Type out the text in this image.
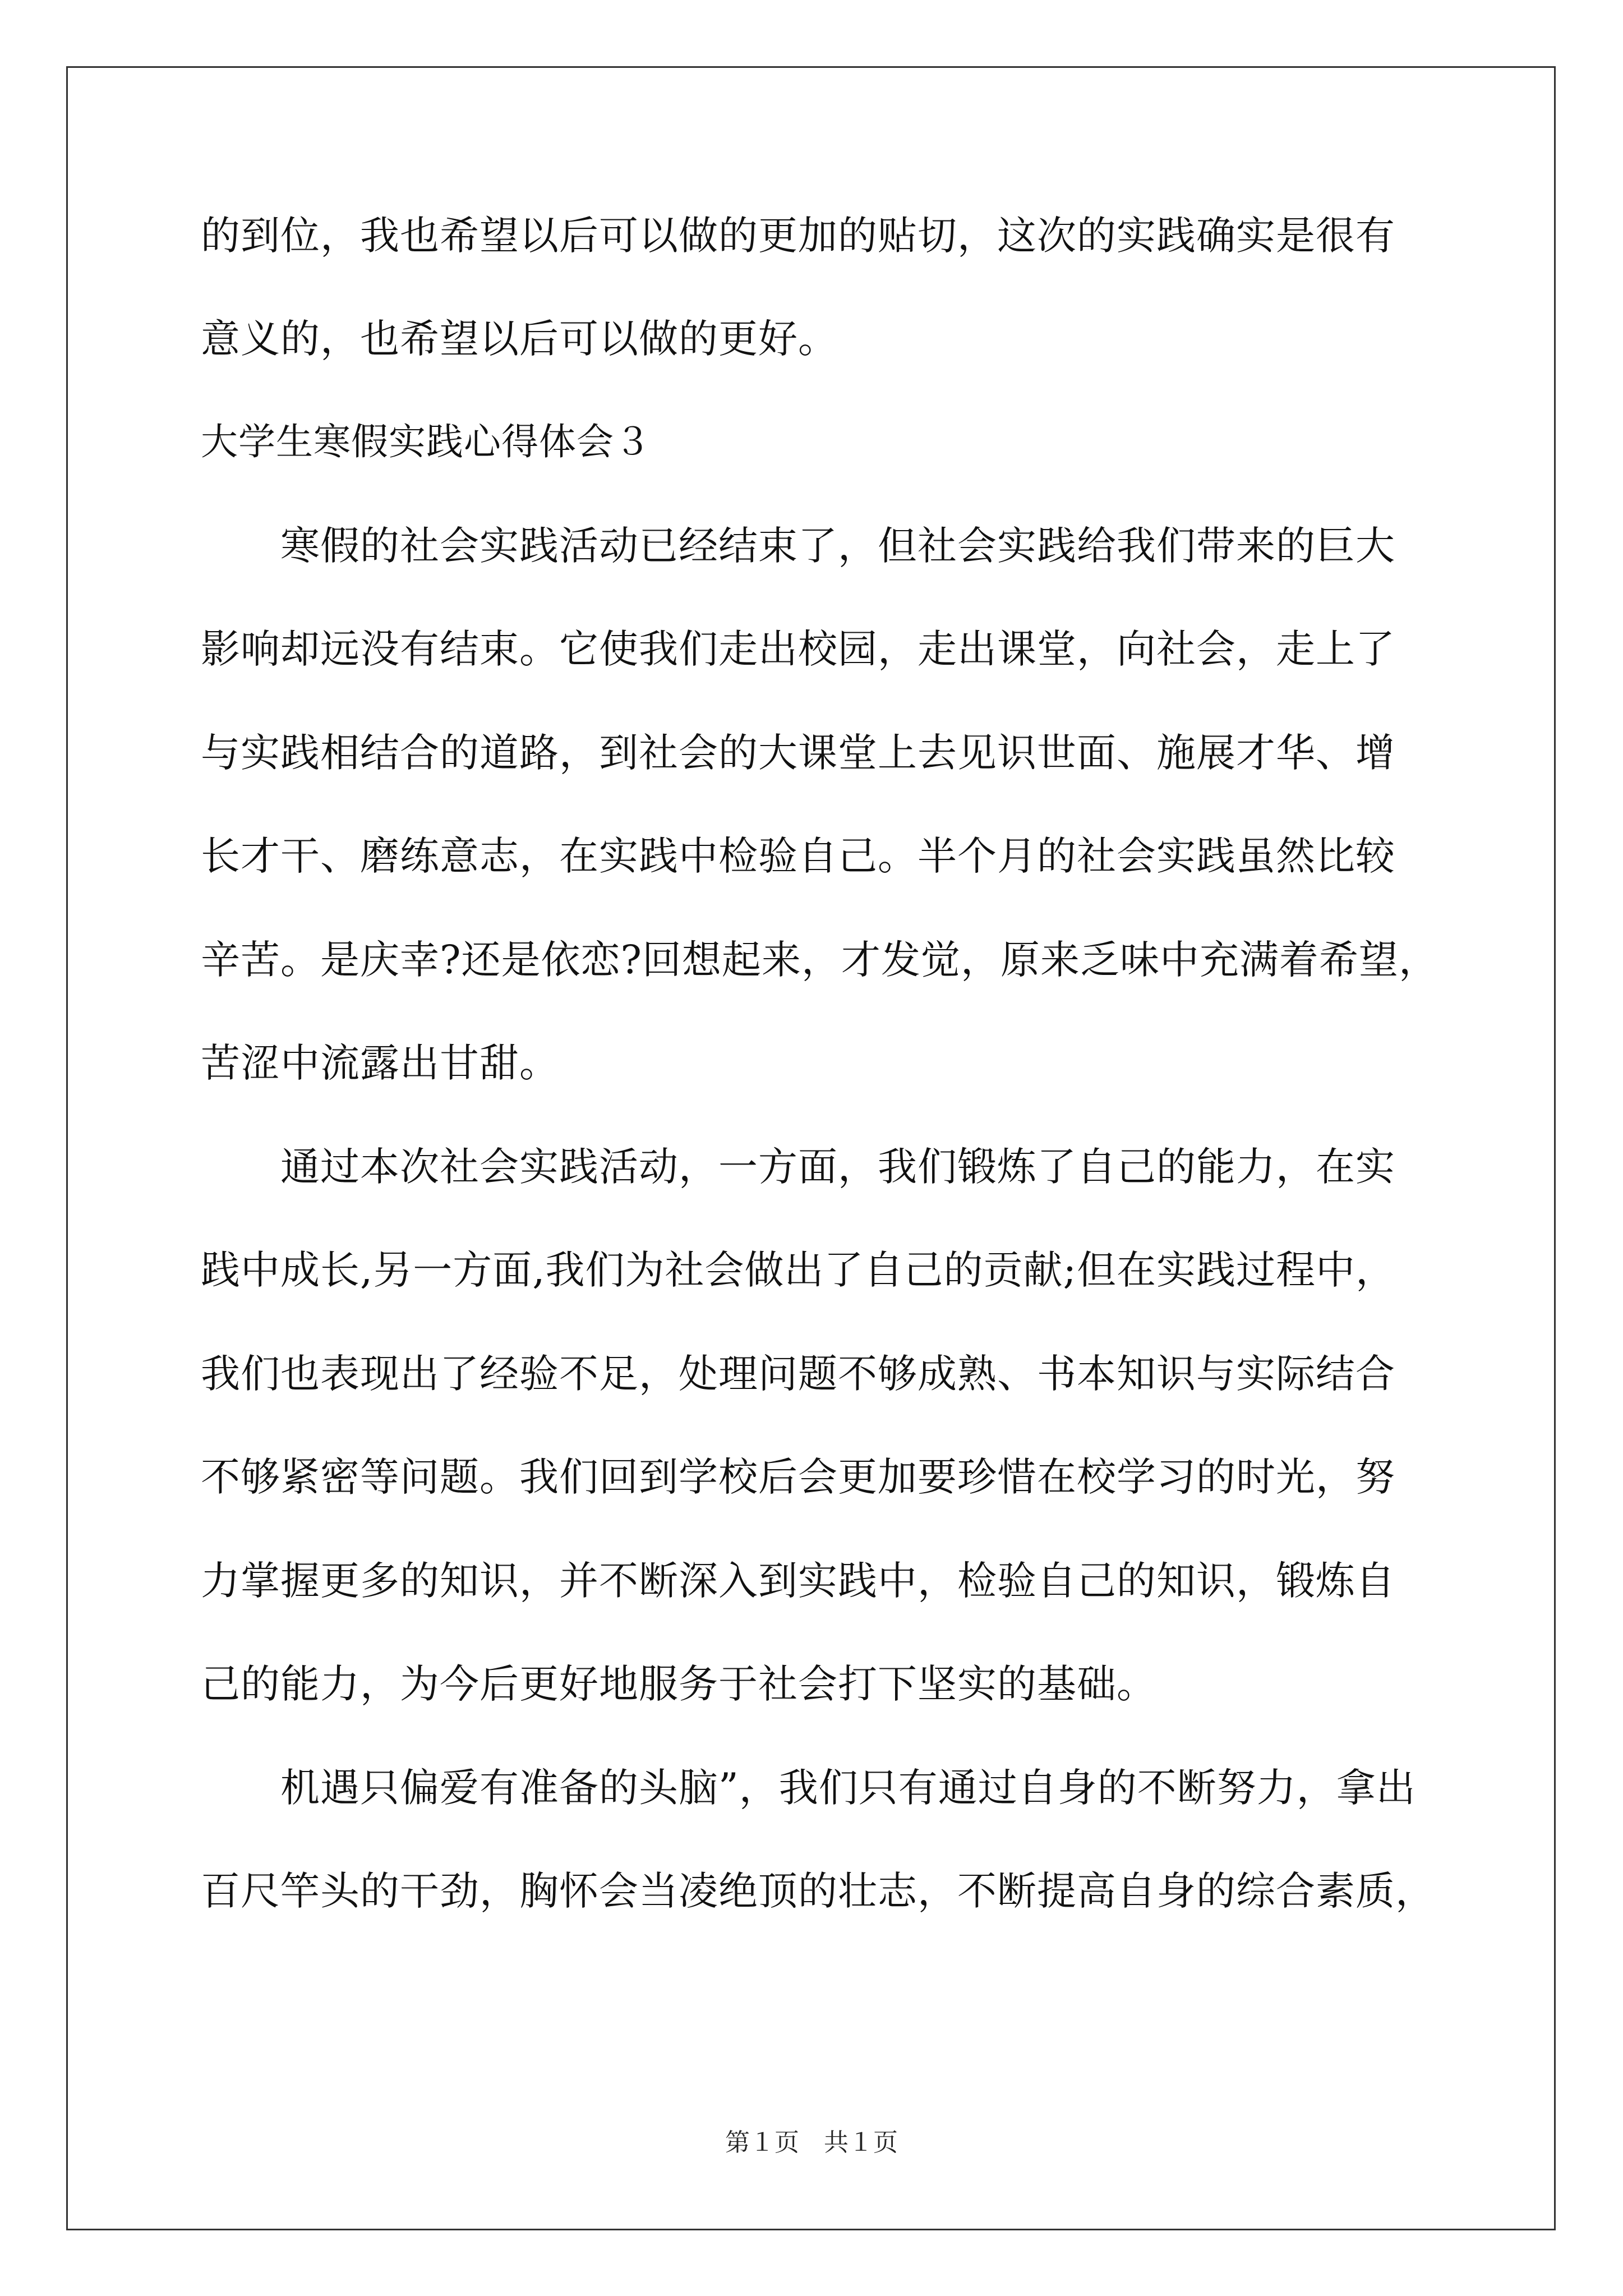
的到位，我也希望以后可以做的更加的贴切，这次的实践确实是很有
意义的，也希望以后可以做的更好。
大学生寒假实践心得体会３
　　寒假的社会实践活动已经结束了，但社会实践给我们带来的巨大
影响却远没有结束。它使我们走出校园，走出课堂，向社会，走上了
与实践相结合的道路，到社会的大课堂上去见识世面、施展才华、增
长才干、磨练意志，在实践中检验自己。半个月的社会实践虽然比较
辛苦。是庆幸?还是依恋?回想起来，才发觉，原来乏味中充满着希望，
苦涩中流露出甘甜。
　　通过本次社会实践活动，一方面，我们锻炼了自己的能力，在实
践中成长,另一方面,我们为社会做出了自己的贡献;但在实践过程中，
我们也表现出了经验不足，处理问题不够成熟、书本知识与实际结合
不够紧密等问题。我们回到学校后会更加要珍惜在校学习的时光，努
力掌握更多的知识，并不断深入到实践中，检验自己的知识，锻炼自
己的能力，为今后更好地服务于社会打下坚实的基础。
　　机遇只偏爱有准备的头脑”，我们只有通过自身的不断努力，拿出
百尺竿头的干劲，胸怀会当凌绝顶的壮志，不断提高自身的综合素质，
第１页　共１页
